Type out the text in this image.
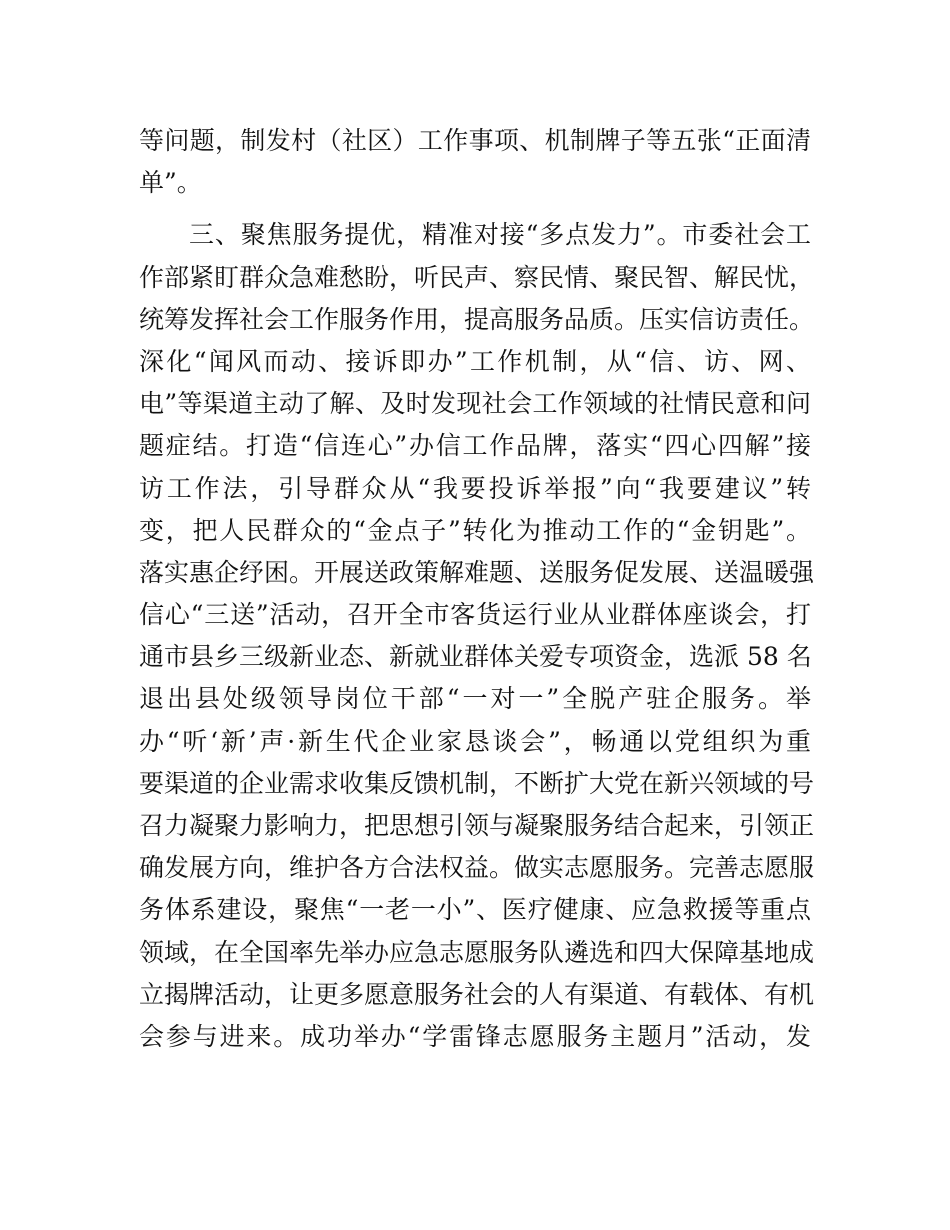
等问题，制发村（社区）工作事项、机制牌子等五张“正面清
单”。
三、聚焦服务提优，精准对接“多点发力”。市委社会工
作部紧盯群众急难愁盼，听民声、察民情、聚民智、解民忧，
统筹发挥社会工作服务作用，提高服务品质。压实信访责任。
深化“闻风而动、接诉即办”工作机制，从“信、访、网、
电”等渠道主动了解、及时发现社会工作领域的社情民意和问
题症结。打造“信连心”办信工作品牌，落实“四心四解”接
访工作法，引导群众从“我要投诉举报”向“我要建议”转
变，把人民群众的“金点子”转化为推动工作的“金钥匙”。
落实惠企纾困。开展送政策解难题、送服务促发展、送温暖强
信心“三送”活动，召开全市客货运行业从业群体座谈会，打
通市县乡三级新业态、新就业群体关爱专项资金，选派 58 名
退出县处级领导岗位干部“一对一”全脱产驻企服务。举
办“听‘新’声·新生代企业家恳谈会”，畅通以党组织为重
要渠道的企业需求收集反馈机制，不断扩大党在新兴领域的号
召力凝聚力影响力，把思想引领与凝聚服务结合起来，引领正
确发展方向，维护各方合法权益。做实志愿服务。完善志愿服
务体系建设，聚焦“一老一小”、医疗健康、应急救援等重点
领域，在全国率先举办应急志愿服务队遴选和四大保障基地成
立揭牌活动，让更多愿意服务社会的人有渠道、有载体、有机
会参与进来。成功举办“学雷锋志愿服务主题月”活动，发
